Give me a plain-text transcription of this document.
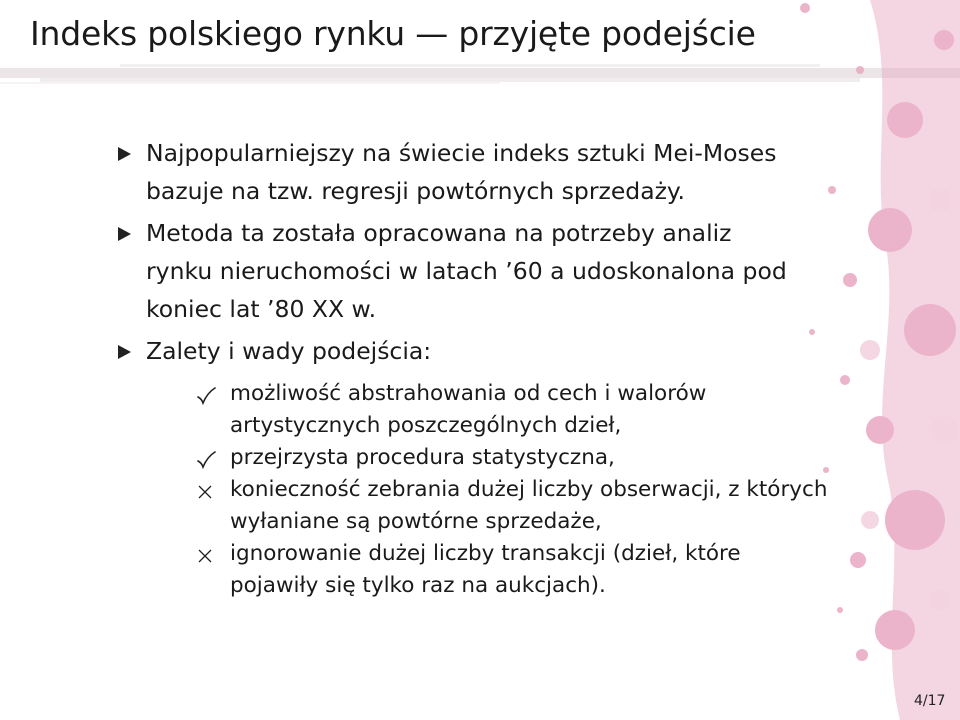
Indeks polskiego rynku — przyjęte podejście
Najpopularniejszy na świecie indeks sztuki Mei-Moses
bazuje na tzw. regresji powtórnych sprzedaży.
Metoda ta została opracowana na potrzeby analiz
rynku nieruchomości w latach ’60 a udoskonalona pod
koniec lat ’80 XX w.
Zalety i wady podejścia:
możliwość abstrahowania od cech i walorów
artystycznych poszczególnych dzieł,
przejrzysta procedura statystyczna,
konieczność zebrania dużej liczby obserwacji, z których
wyłaniane są powtórne sprzedaże,
ignorowanie dużej liczby transakcji (dzieł, które
pojawiły się tylko raz na aukcjach).
4/17
